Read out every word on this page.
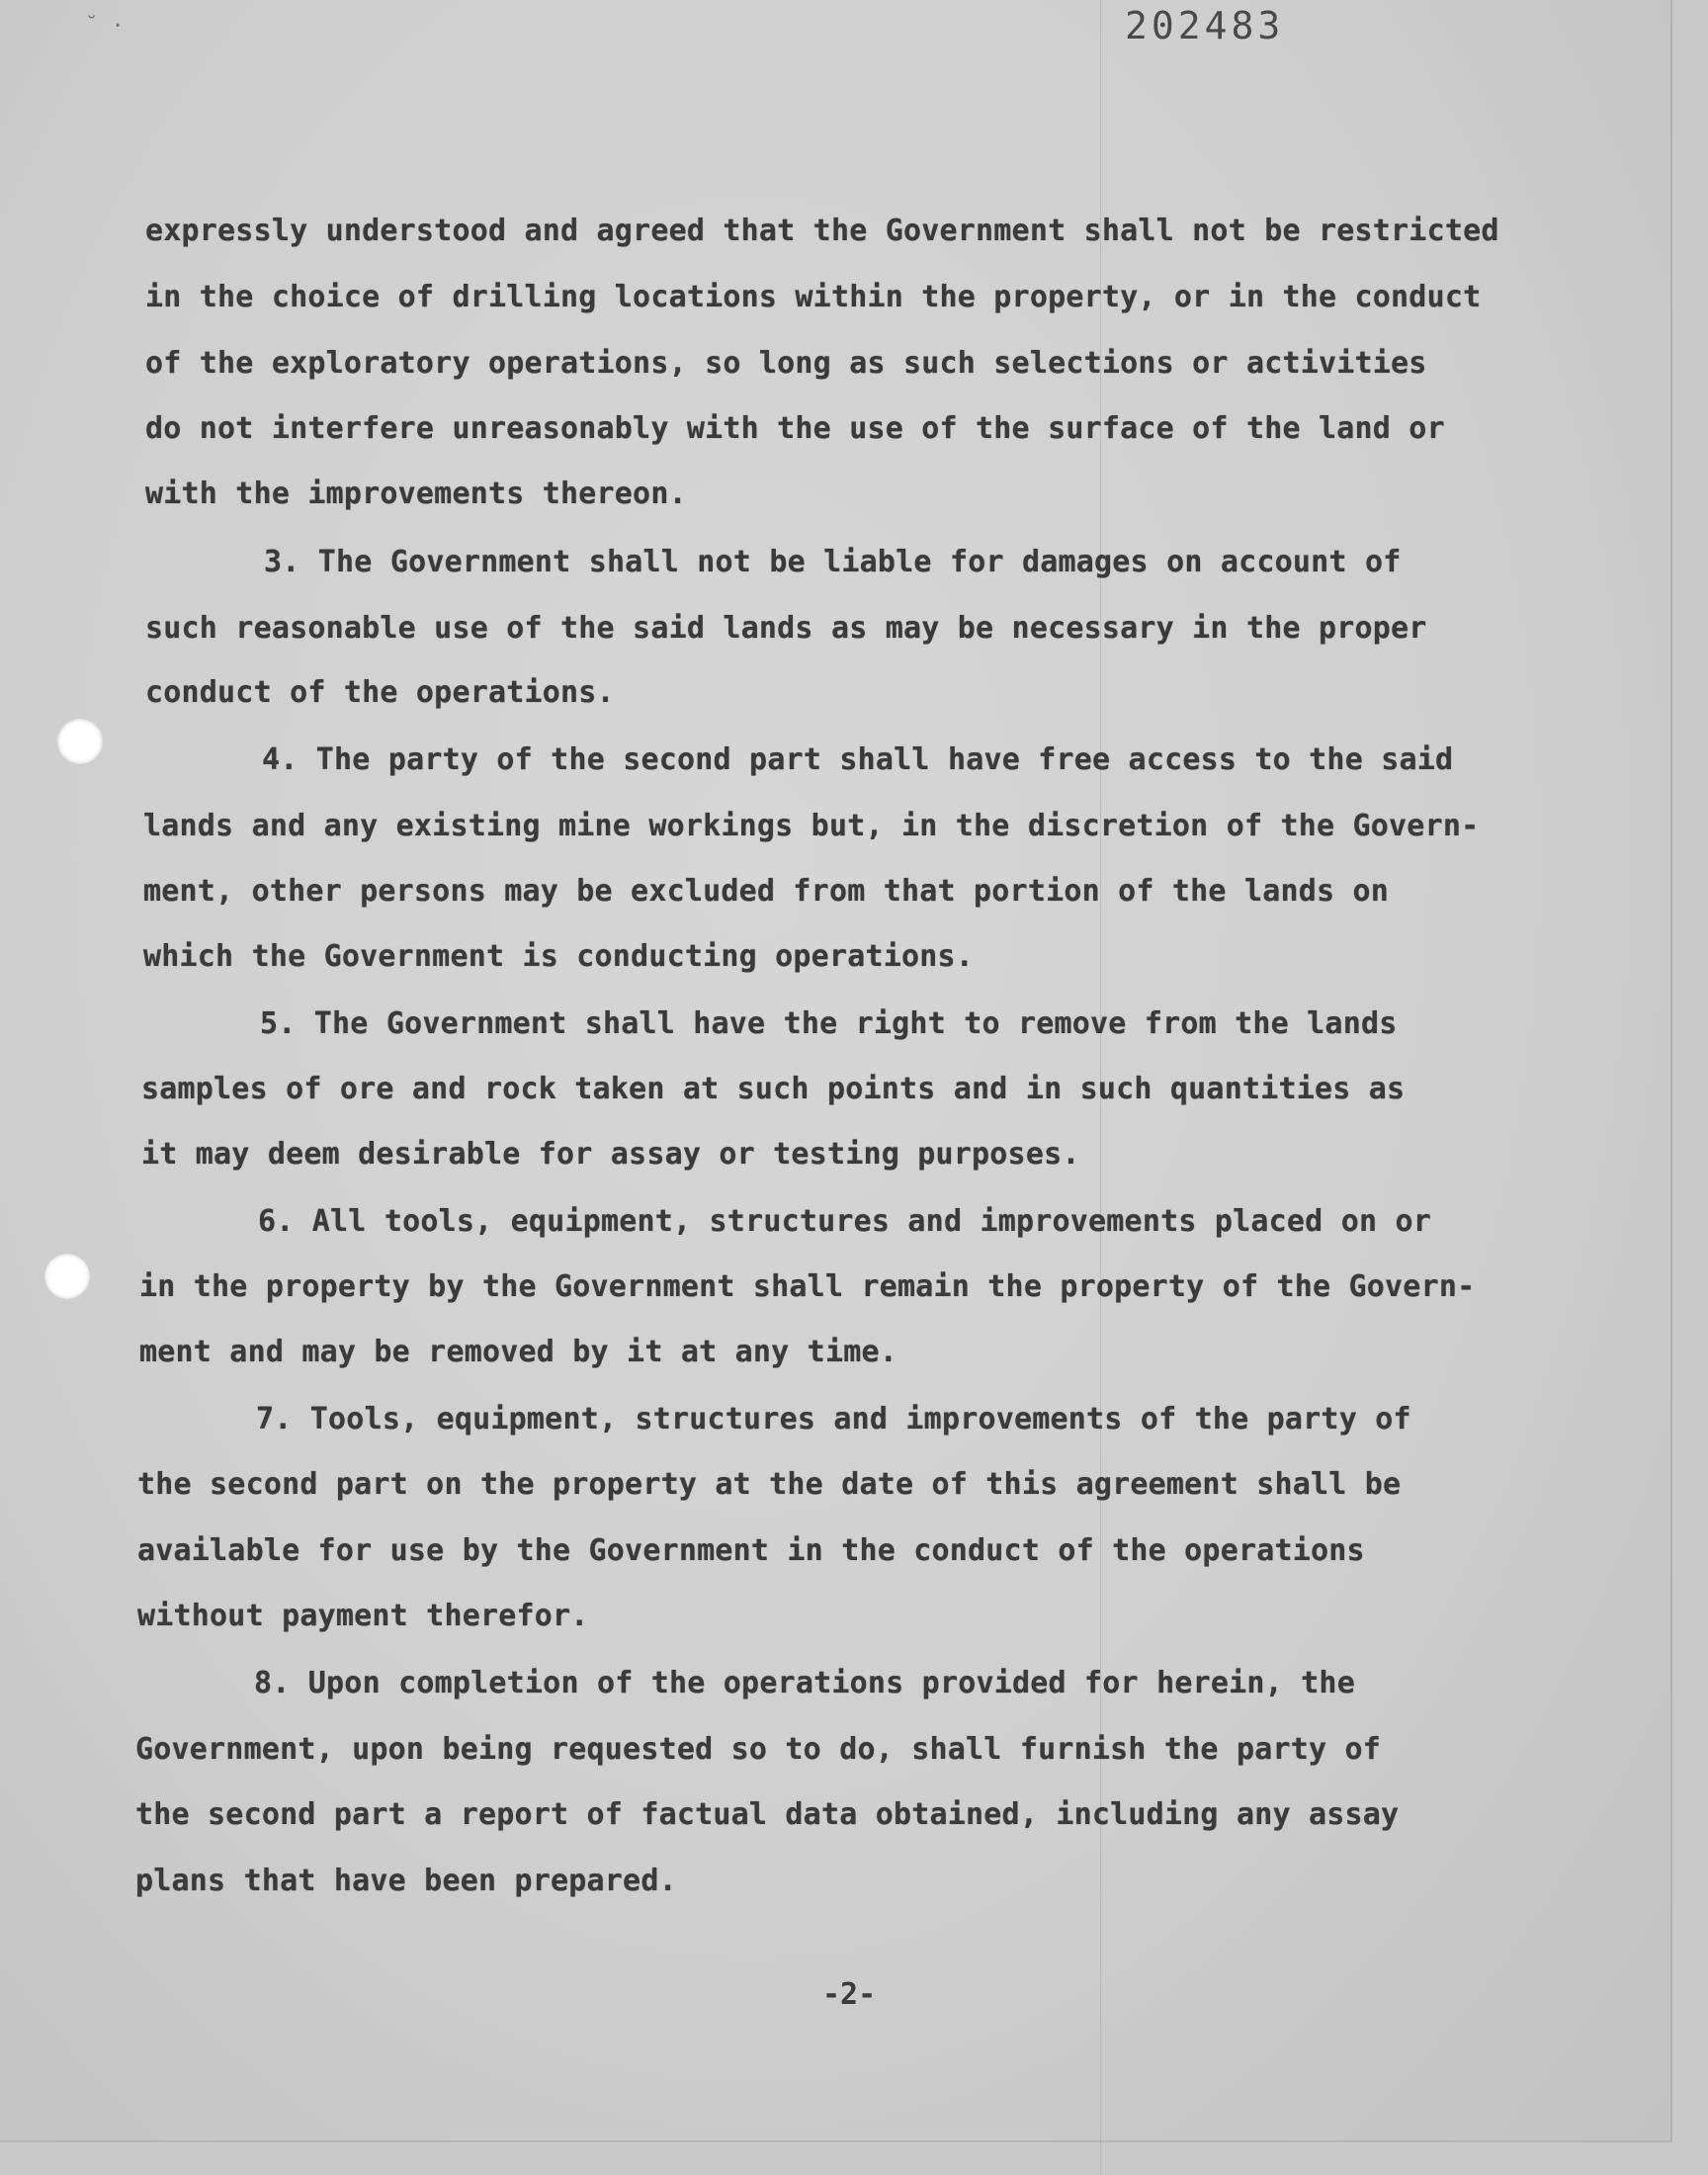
˘ ·	202483
expressly understood and agreed that the Government shall not be restricted
in the choice of drilling locations within the property, or in the conduct
of the exploratory operations, so long as such selections or activities
do not interfere unreasonably with the use of the surface of the land or
with the improvements thereon.
3. The Government shall not be liable for damages on account of
such reasonable use of the said lands as may be necessary in the proper
conduct of the operations.
4. The party of the second part shall have free access to the said
lands and any existing mine workings but, in the discretion of the Govern-
ment, other persons may be excluded from that portion of the lands on
which the Government is conducting operations.
5. The Government shall have the right to remove from the lands
samples of ore and rock taken at such points and in such quantities as
it may deem desirable for assay or testing purposes.
6. All tools, equipment, structures and improvements placed on or
in the property by the Government shall remain the property of the Govern-
ment and may be removed by it at any time.
7. Tools, equipment, structures and improvements of the party of
the second part on the property at the date of this agreement shall be
available for use by the Government in the conduct of the operations
without payment therefor.
8. Upon completion of the operations provided for herein, the
Government, upon being requested so to do, shall furnish the party of
the second part a report of factual data obtained, including any assay
plans that have been prepared.
-2-
